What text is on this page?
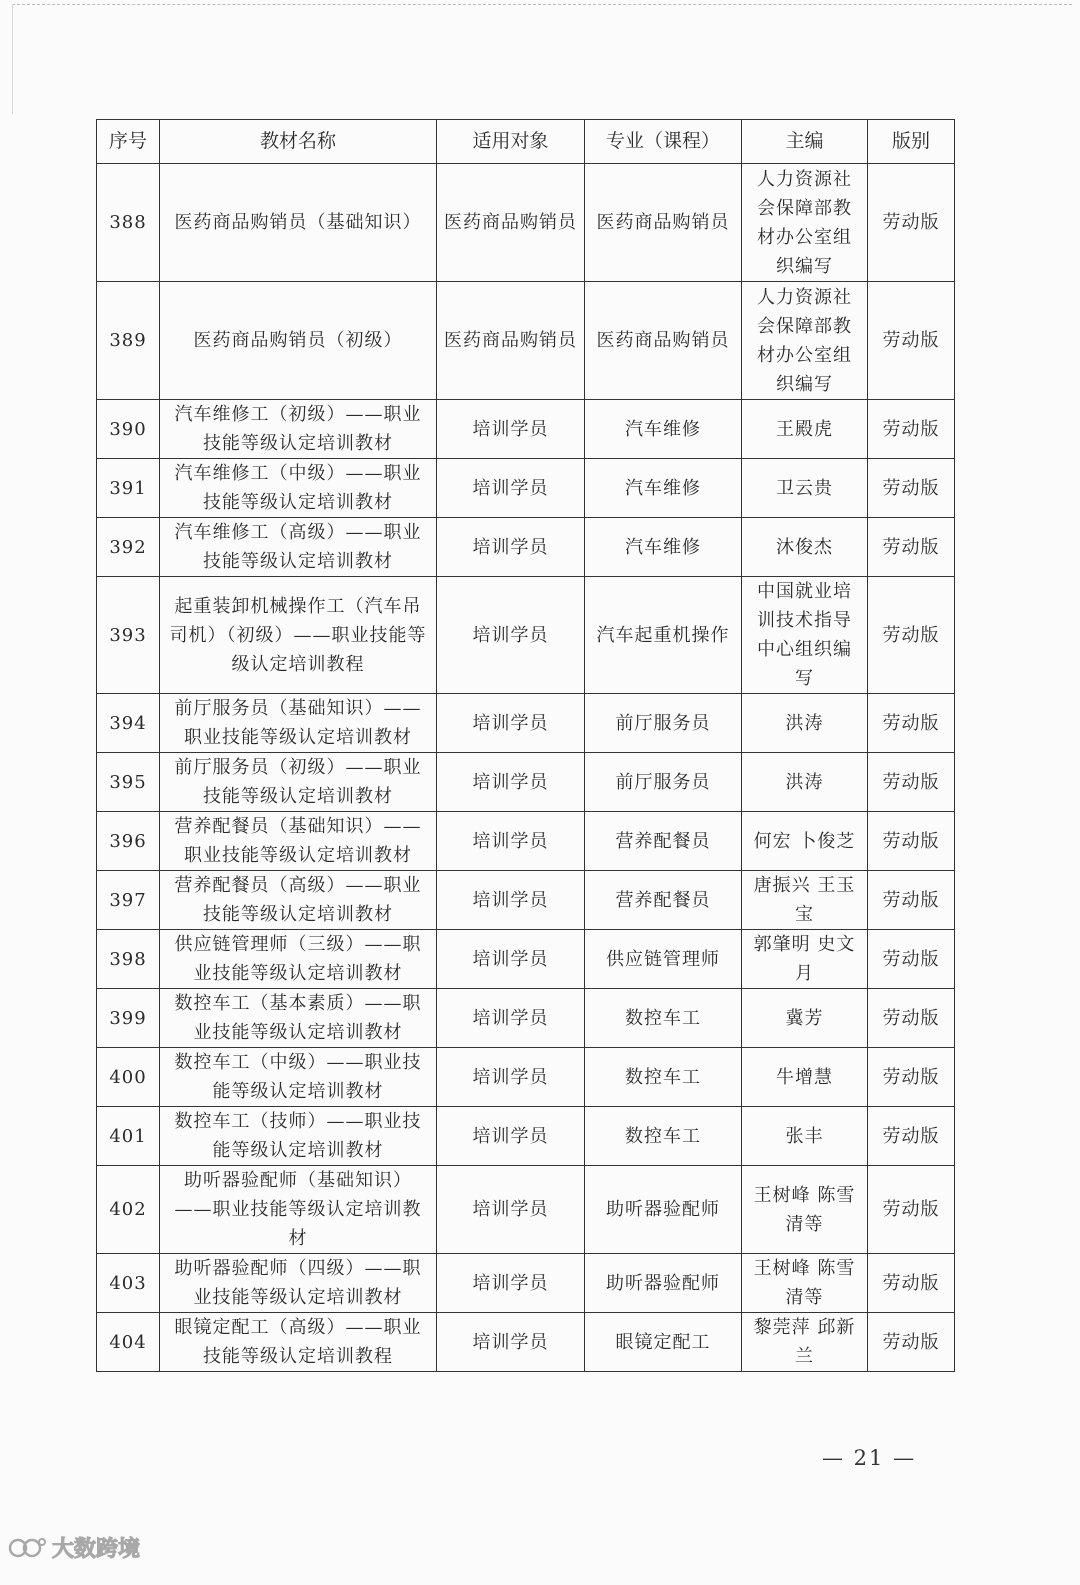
序号	教材名称	适用对象	专业（课程）	主编	版别
388	医药商品购销员（基础知识）	医药商品购销员	医药商品购销员	人力资源社会保障部教材办公室组织编写	劳动版
389	医药商品购销员（初级）	医药商品购销员	医药商品购销员	人力资源社会保障部教材办公室组织编写	劳动版
390	汽车维修工（初级）——职业技能等级认定培训教材	培训学员	汽车维修	王殿虎	劳动版
391	汽车维修工（中级）——职业技能等级认定培训教材	培训学员	汽车维修	卫云贵	劳动版
392	汽车维修工（高级）——职业技能等级认定培训教材	培训学员	汽车维修	沐俊杰	劳动版
393	起重装卸机械操作工（汽车吊司机）（初级）——职业技能等级认定培训教程	培训学员	汽车起重机操作	中国就业培训技术指导中心组织编写	劳动版
394	前厅服务员（基础知识）——职业技能等级认定培训教材	培训学员	前厅服务员	洪涛	劳动版
395	前厅服务员（初级）——职业技能等级认定培训教材	培训学员	前厅服务员	洪涛	劳动版
396	营养配餐员（基础知识）——职业技能等级认定培训教材	培训学员	营养配餐员	何宏 卜俊芝	劳动版
397	营养配餐员（高级）——职业技能等级认定培训教材	培训学员	营养配餐员	唐振兴 王玉宝	劳动版
398	供应链管理师（三级）——职业技能等级认定培训教材	培训学员	供应链管理师	郭肇明 史文月	劳动版
399	数控车工（基本素质）——职业技能等级认定培训教材	培训学员	数控车工	冀芳	劳动版
400	数控车工（中级）——职业技能等级认定培训教材	培训学员	数控车工	牛增慧	劳动版
401	数控车工（技师）——职业技能等级认定培训教材	培训学员	数控车工	张丰	劳动版
402	助听器验配师（基础知识）——职业技能等级认定培训教材	培训学员	助听器验配师	王树峰 陈雪清等	劳动版
403	助听器验配师（四级）——职业技能等级认定培训教材	培训学员	助听器验配师	王树峰 陈雪清等	劳动版
404	眼镜定配工（高级）——职业技能等级认定培训教程	培训学员	眼镜定配工	黎莞萍 邱新兰	劳动版
— 21 —
大数跨境
